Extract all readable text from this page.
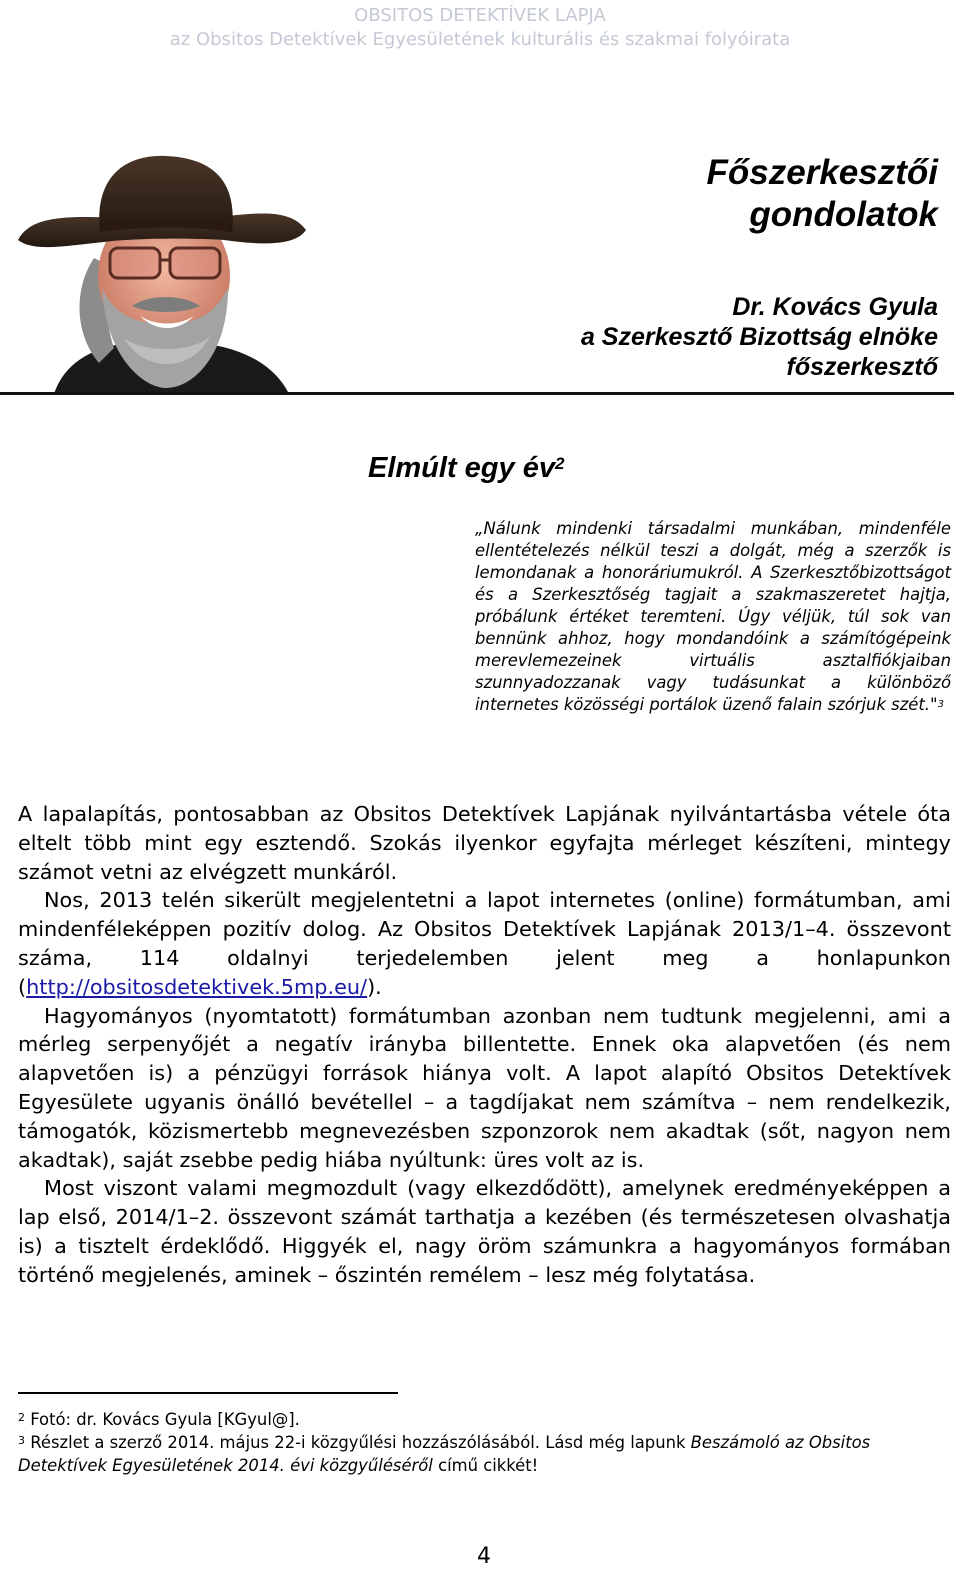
OBSITOS DETEKTÍVEK LAPJA
az Obsitos Detektívek Egyesületének kulturális és szakmai folyóirata
Főszerkesztői
gondolatok
Dr. Kovács Gyula
a Szerkesztő Bizottság elnöke
főszerkesztő
Elmúlt egy $év^2$
„Nálunk mindenki társadalmi munkában, mindenféle ellentételezés nélkül teszi a dolgát, még a szerzők is lemondanak a honoráriumukról. A Szerkesztőbizottságot és a Szerkesztőség tagjait a szakmaszeretet hajtja, próbálunk értéket teremteni. Úgy véljük, túl sok van bennünk ahhoz, hogy mondandóink a számítógépeink merevlemezeinek virtuális asztalfiókjaiban szunnyadozzanak vagy tudásunkat a különböző internetes közösségi portálok üzenő falain szórjuk szét."$^3$

A lapalapítás, pontosabban az Obsitos Detektívek Lapjának nyilvántartásba vétele óta eltelt több mint egy esztendő. Szokás ilyenkor egyfajta mérleget készíteni, mintegy számot vetni az elvégzett munkáról.

Nos, 2013 telén sikerült megjelentetni a lapot internetes (online) formátumban, ami mindenféleképpen pozitív dolog. Az Obsitos Detektívek Lapjának 2013/1–4. összevont száma, 114 oldalnyi terjedelemben jelent meg a honlapunkon (http://obsitosdetektivek.5mp.eu/).

Hagyományos (nyomtatott) formátumban azonban nem tudtunk megjelenni, ami a mérleg serpenyőjét a negatív irányba billentette. Ennek oka alapvetően (és nem alapvetően is) a pénzügyi források hiánya volt. A lapot alapító Obsitos Detektívek Egyesülete ugyanis önálló bevétellel – a tagdíjakat nem számítva – nem rendelkezik, támogatók, közismertebb megnevezésben szponzorok nem akadtak (sőt, nagyon nem akadtak), saját zsebbe pedig hiába nyúltunk: üres volt az is.

Most viszont valami megmozdult (vagy elkezdődött), amelynek eredményeképpen a lap első, 2014/1–2. összevont számát tarthatja a kezében (és természetesen olvashatja is) a tisztelt érdeklődő. Higgyék el, nagy öröm számunkra a hagyományos formában történő megjelenés, aminek – őszintén remélem – lesz még folytatása.

$^2$ Fotó: dr. Kovács Gyula [KGyul@].

$^3$ Részlet a szerző 2014. május 22-i közgyűlési hozzászólásából. Lásd még lapunk Beszámoló az Obsitos Detektívek Egyesületének 2014. évi közgyűléséről című cikkét!

4
